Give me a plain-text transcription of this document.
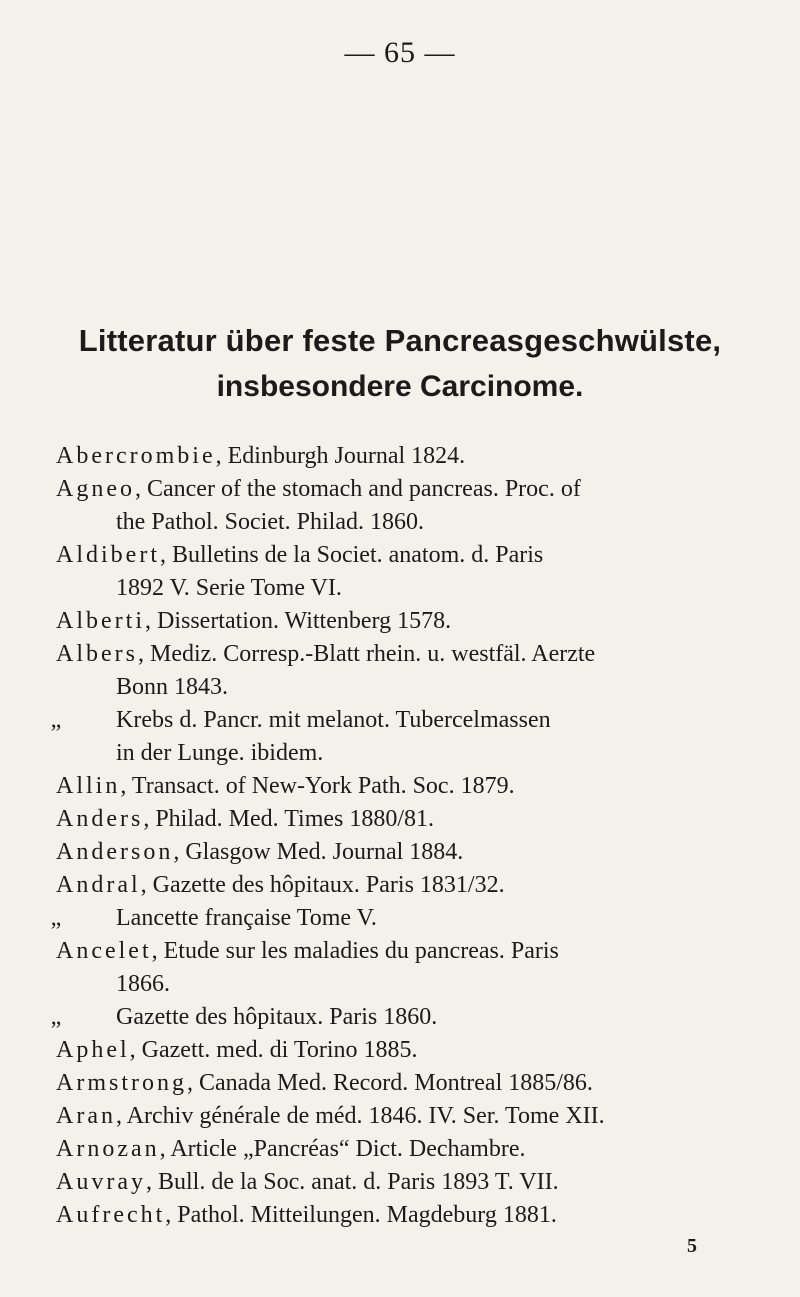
— 65 —
Litteratur über feste Pancreasgeschwülste,
insbesondere Carcinome.
Abercrombie, Edinburgh Journal 1824.
Agneo, Cancer of the stomach and pancreas. Proc. of
the Pathol. Societ. Philad. 1860.
Aldibert, Bulletins de la Societ. anatom. d. Paris
1892 V. Serie Tome VI.
Alberti, Dissertation. Wittenberg 1578.
Albers, Mediz. Corresp.-Blatt rhein. u. westfäl. Aerzte
Bonn 1843.
„ Krebs d. Pancr. mit melanot. Tubercelmassen
in der Lunge. ibidem.
Allin, Transact. of New-York Path. Soc. 1879.
Anders, Philad. Med. Times 1880/81.
Anderson, Glasgow Med. Journal 1884.
Andral, Gazette des hôpitaux. Paris 1831/32.
„ Lancette française Tome V.
Ancelet, Etude sur les maladies du pancreas. Paris
1866.
„ Gazette des hôpitaux. Paris 1860.
Aphel, Gazett. med. di Torino 1885.
Armstrong, Canada Med. Record. Montreal 1885/86.
Aran, Archiv générale de méd. 1846. IV. Ser. Tome XII.
Arnozan, Article „Pancréas“ Dict. Dechambre.
Auvray, Bull. de la Soc. anat. d. Paris 1893 T. VII.
Aufrecht, Pathol. Mitteilungen. Magdeburg 1881.
5
